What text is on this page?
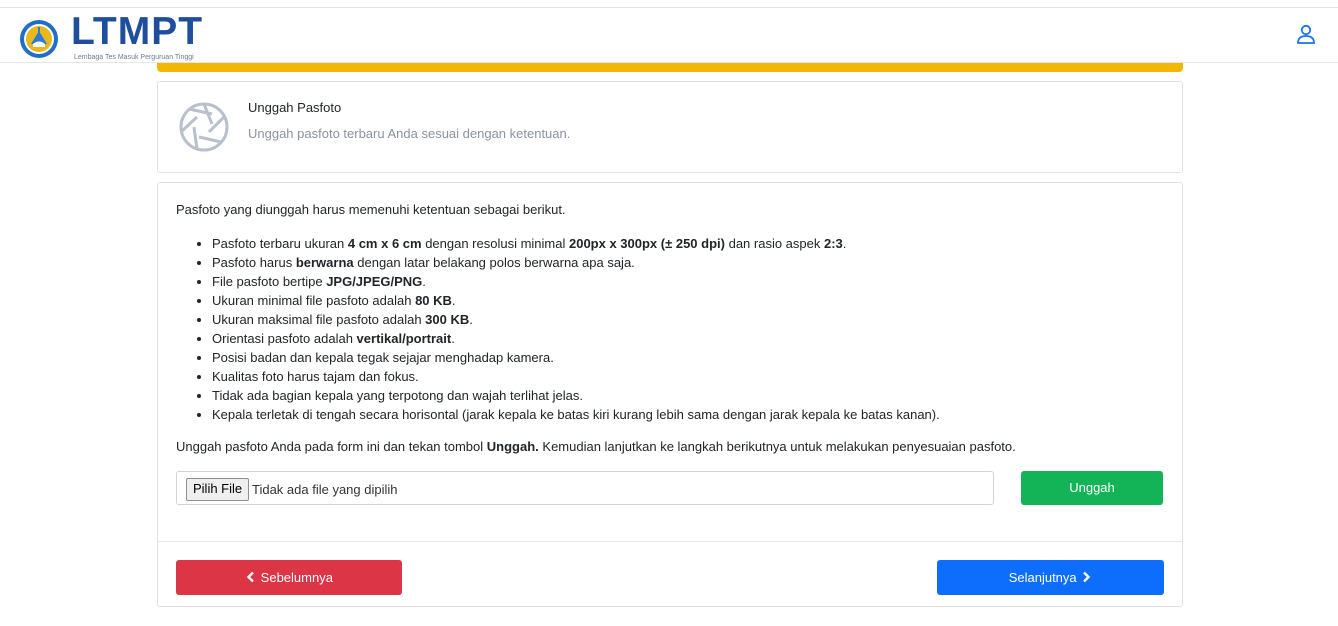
LTMPT
Lembaga Tes Masuk Perguruan Tinggi
Unggah Pasfoto
Unggah pasfoto terbaru Anda sesuai dengan ketentuan.
Pasfoto yang diunggah harus memenuhi ketentuan sebagai berikut.
• Pasfoto terbaru ukuran 4 cm x 6 cm dengan resolusi minimal 200px x 300px (± 250 dpi) dan rasio aspek 2:3.
• Pasfoto harus berwarna dengan latar belakang polos berwarna apa saja.
• File pasfoto bertipe JPG/JPEG/PNG.
• Ukuran minimal file pasfoto adalah 80 KB.
• Ukuran maksimal file pasfoto adalah 300 KB.
• Orientasi pasfoto adalah vertikal/portrait.
• Posisi badan dan kepala tegak sejajar menghadap kamera.
• Kualitas foto harus tajam dan fokus.
• Tidak ada bagian kepala yang terpotong dan wajah terlihat jelas.
• Kepala terletak di tengah secara horisontal (jarak kepala ke batas kiri kurang lebih sama dengan jarak kepala ke batas kanan).
Unggah pasfoto Anda pada form ini dan tekan tombol Unggah. Kemudian lanjutkan ke langkah berikutnya untuk melakukan penyesuaian pasfoto.
Pilih File Tidak ada file yang dipilih	Unggah
Sebelumnya	Selanjutnya
